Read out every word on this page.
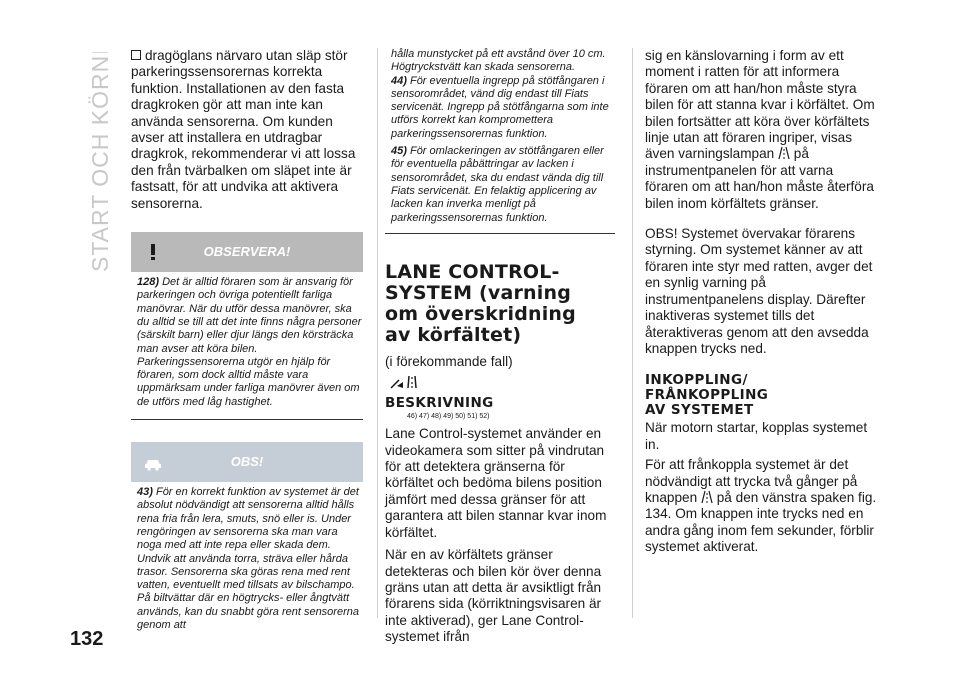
START OCH KÖRNING
132

dragöglans närvaro utan släp stör parkeringssensorernas korrekta funktion. Installationen av den fasta dragkroken gör att man inte kan använda sensorerna. Om kunden avser att installera en utdragbar dragkrok, rekommenderar vi att lossa den från tvärbalken om släpet inte är fastsatt, för att undvika att aktivera sensorerna.

OBSERVERA!

128) Det är alltid föraren som är ansvarig för parkeringen och övriga potentiellt farliga manövrar. När du utför dessa manövrer, ska du alltid se till att det inte finns några personer (särskilt barn) eller djur längs den körsträcka man avser att köra bilen. Parkeringssensorerna utgör en hjälp för föraren, som dock alltid måste vara uppmärksam under farliga manövrer även om de utförs med låg hastighet.

OBS!

43) För en korrekt funktion av systemet är det absolut nödvändigt att sensorerna alltid hålls rena fria från lera, smuts, snö eller is. Under rengöringen av sensorerna ska man vara noga med att inte repa eller skada dem. Undvik att använda torra, sträva eller hårda trasor. Sensorerna ska göras rena med rent vatten, eventuellt med tillsats av bilschampo. På biltvättar där en högtrycks- eller ångtvätt används, kan du snabbt göra rent sensorerna genom att

hålla munstycket på ett avstånd över 10 cm. Högtryckstvätt kan skada sensorerna.

44) För eventuella ingrepp på stötfångaren i sensorområdet, vänd dig endast till Fiats servicenät. Ingrepp på stötfångarna som inte utförs korrekt kan kompromettera parkeringssensorernas funktion.

45) För omlackeringen av stötfångaren eller för eventuella påbättringar av lacken i sensorområdet, ska du endast vända dig till Fiats servicenät. En felaktig applicering av lacken kan inverka menligt på parkeringssensorernas funktion.

LANE CONTROL-
SYSTEM (varning
om överskridning
av körfältet)
(i förekommande fall)
BESKRIVNING
46) 47) 48) 49) 50) 51) 52)

Lane Control-systemet använder en videokamera som sitter på vindrutan för att detektera gränserna för körfältet och bedöma bilens position jämfört med dessa gränser för att garantera att bilen stannar kvar inom körfältet.

När en av körfältets gränser detekteras och bilen kör över denna gräns utan att detta är avsiktligt från förarens sida (körriktningsvisaren är inte aktiverad), ger Lane Control-systemet ifrån

sig en känslovarning i form av ett moment i ratten för att informera föraren om att han/hon måste styra bilen för att stanna kvar i körfältet. Om bilen fortsätter att köra över körfältets linje utan att föraren ingriper, visas även varningslampan på instrumentpanelen för att varna föraren om att han/hon måste återföra bilen inom körfältets gränser.

OBS! Systemet övervakar förarens styrning. Om systemet känner av att föraren inte styr med ratten, avger det en synlig varning på instrumentpanelens display. Därefter inaktiveras systemet tills det återaktiveras genom att den avsedda knappen trycks ned.

INKOPPLING/
FRÅNKOPPLING
AV SYSTEMET

När motorn startar, kopplas systemet in.

För att frånkoppla systemet är det nödvändigt att trycka två gånger på knappen på den vänstra spaken fig. 134. Om knappen inte trycks ned en andra gång inom fem sekunder, förblir systemet aktiverat.
